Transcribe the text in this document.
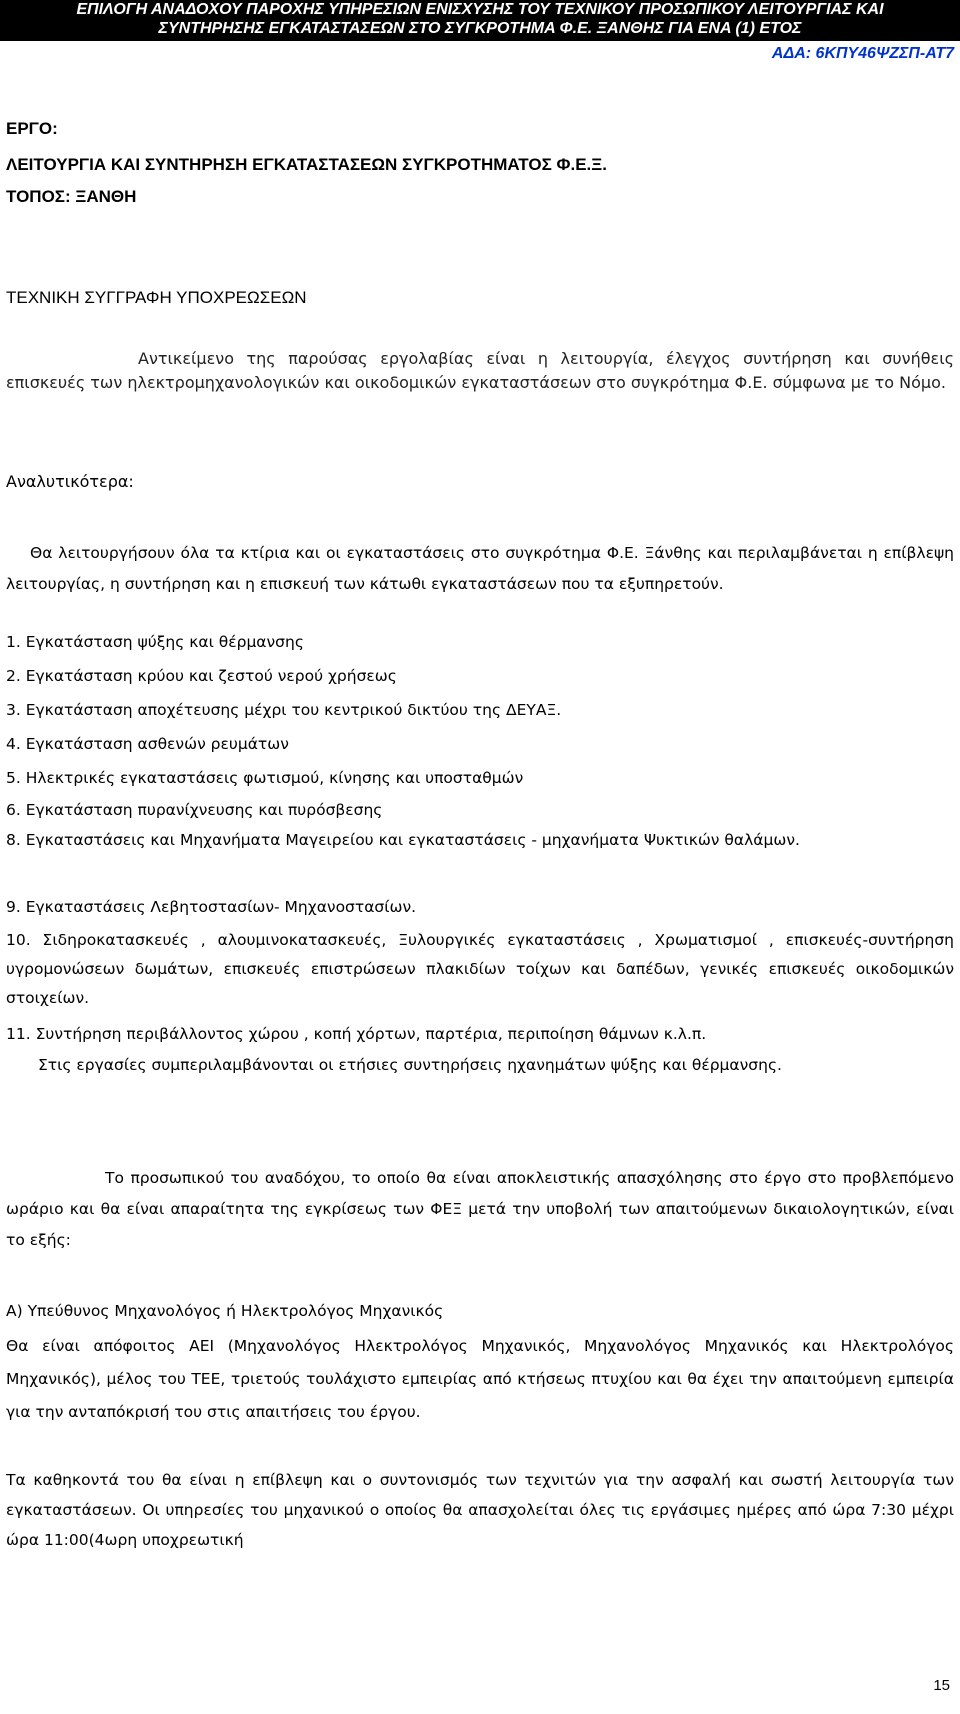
ΕΠΙΛΟΓΗ ΑΝΑΔΟΧΟΥ ΠΑΡΟΧΗΣ ΥΠΗΡΕΣΙΩΝ ΕΝΙΣΧΥΣΗΣ ΤΟΥ ΤΕΧΝΙΚΟΥ ΠΡΟΣΩΠΙΚΟΥ ΛΕΙΤΟΥΡΓΙΑΣ ΚΑΙ
ΣΥΝΤΗΡΗΣΗΣ ΕΓΚΑΤΑΣΤΑΣΕΩΝ ΣΤΟ ΣΥΓΚΡΟΤΗΜΑ Φ.Ε. ΞΑΝΘΗΣ ΓΙΑ ΕΝΑ (1) ΕΤΟΣ
ΑΔΑ: 6ΚΠΥ46ΨΖΣΠ-ΑΤ7
ΕΡΓΟ:
ΛΕΙΤΟΥΡΓΙΑ ΚΑΙ ΣΥΝΤΗΡΗΣΗ ΕΓΚΑΤΑΣΤΑΣΕΩΝ ΣΥΓΚΡΟΤΗΜΑΤΟΣ Φ.Ε.Ξ.
ΤΟΠΟΣ: ΞΑΝΘΗ
ΤΕΧΝΙΚΗ ΣΥΓΓΡΑΦΗ ΥΠΟΧΡΕΩΣΕΩΝ
Αντικείμενο της παρούσας εργολαβίας είναι η λειτουργία, έλεγχος συντήρηση και συνήθεις επισκευές των ηλεκτρομηχανολογικών και οικοδομικών εγκαταστάσεων στο συγκρότημα Φ.Ε. σύμφωνα με το Νόμο.
Αναλυτικότερα:
Θα λειτουργήσουν όλα τα κτίρια και οι εγκαταστάσεις στο συγκρότημα Φ.Ε. Ξάνθης και περιλαμβάνεται η επίβλεψη λειτουργίας, η συντήρηση και η επισκευή των κάτωθι εγκαταστάσεων που τα εξυπηρετούν.
1. Εγκατάσταση ψύξης και θέρμανσης
2. Εγκατάσταση κρύου και ζεστού νερού χρήσεως
3. Εγκατάσταση αποχέτευσης μέχρι του κεντρικού δικτύου της ΔΕΥΑΞ.
4. Εγκατάσταση ασθενών ρευμάτων
5. Ηλεκτρικές εγκαταστάσεις φωτισμού, κίνησης και υποσταθμών
6. Εγκατάσταση πυρανίχνευσης και πυρόσβεσης
8. Εγκαταστάσεις και Μηχανήματα Μαγειρείου και εγκαταστάσεις - μηχανήματα Ψυκτικών θαλάμων.
9. Εγκαταστάσεις Λεβητοστασίων- Μηχανοστασίων.
10. Σιδηροκατασκευές , αλουμινοκατασκευές, Ξυλουργικές εγκαταστάσεις , Χρωματισμοί , επισκευές-συντήρηση υγρομονώσεων δωμάτων, επισκευές επιστρώσεων πλακιδίων τοίχων και δαπέδων, γενικές επισκευές οικοδομικών στοιχείων.
11. Συντήρηση περιβάλλοντος χώρου , κοπή χόρτων, παρτέρια, περιποίηση θάμνων κ.λ.π.
Στις εργασίες συμπεριλαμβάνονται οι ετήσιες συντηρήσεις ηχανημάτων ψύξης και θέρμανσης.
Το προσωπικού του αναδόχου, το οποίο θα είναι αποκλειστικής απασχόλησης στο έργο στο προβλεπόμενο ωράριο και θα είναι απαραίτητα της εγκρίσεως των ΦΕΞ μετά την υποβολή των απαιτούμενων δικαιολογητικών, είναι το εξής:
Α) Υπεύθυνος Μηχανολόγος ή Ηλεκτρολόγος Μηχανικός
Θα είναι απόφοιτος ΑΕΙ (Μηχανολόγος Ηλεκτρολόγος Μηχανικός, Μηχανολόγος Μηχανικός και Ηλεκτρολόγος Μηχανικός), μέλος του ΤΕΕ, τριετούς τουλάχιστο εμπειρίας από κτήσεως πτυχίου και θα έχει την απαιτούμενη εμπειρία για την ανταπόκρισή του στις απαιτήσεις του έργου.
Τα καθηκοντά του θα είναι η επίβλεψη και ο συντονισμός των τεχνιτών για την ασφαλή και σωστή λειτουργία των εγκαταστάσεων. Οι υπηρεσίες του μηχανικού ο οποίος θα απασχολείται όλες τις εργάσιμες ημέρες από ώρα 7:30 μέχρι ώρα 11:00(4ωρη υποχρεωτική
15
